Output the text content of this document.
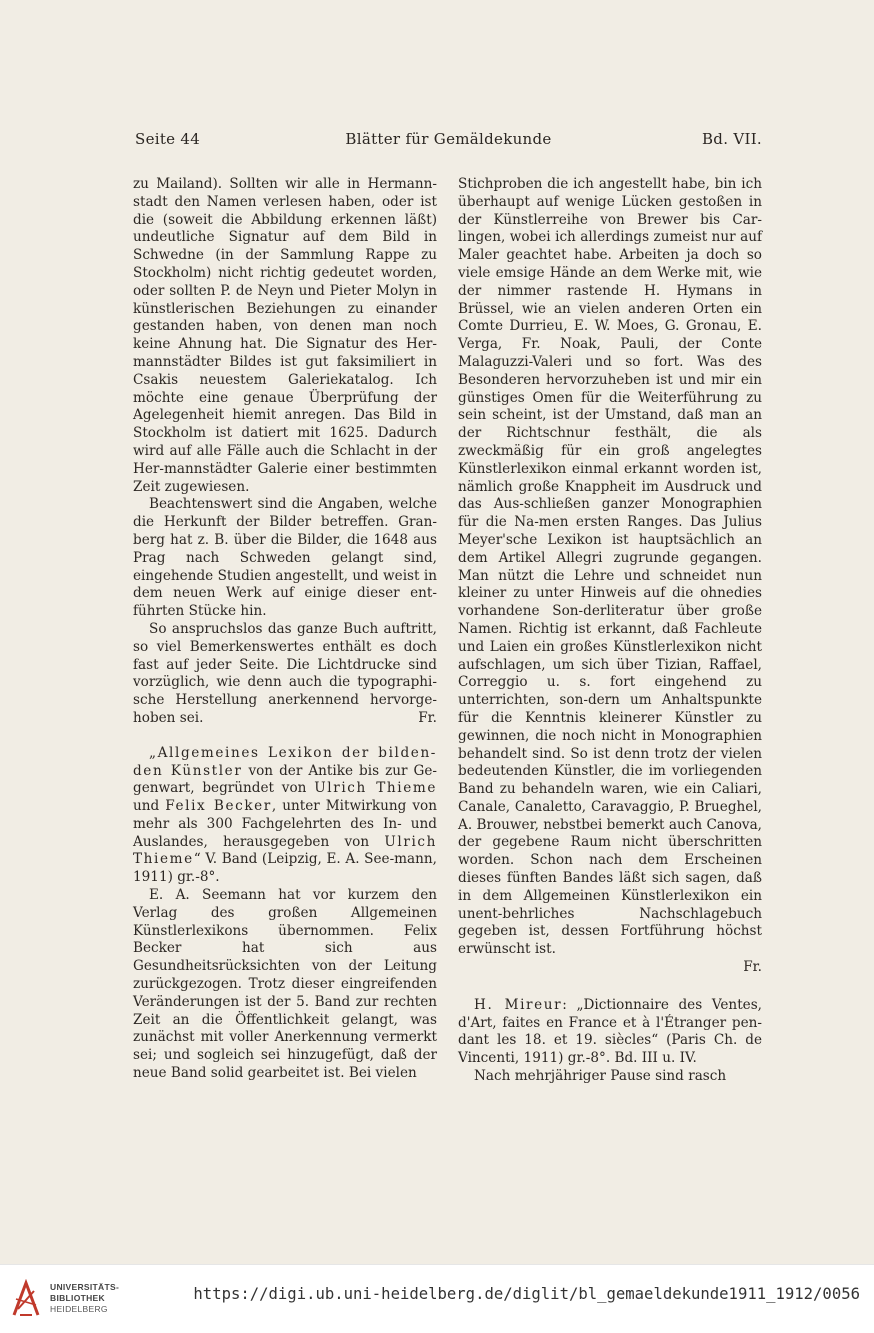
Seite 44	Blätter für Gemäldekunde	Bd. VII.

zu Mailand). Sollten wir alle in Hermann-stadt den Namen verlesen haben, oder ist die (soweit die Abbildung erkennen läßt) undeutliche Signatur auf dem Bild in Schwedne (in der Sammlung Rappe zu Stockholm) nicht richtig gedeutet worden, oder sollten P. de Neyn und Pieter Molyn in künstlerischen Beziehungen zu einander gestanden haben, von denen man noch keine Ahnung hat. Die Signatur des Her-mannstädter Bildes ist gut faksimiliert in Csakis neuestem Galeriekatalog. Ich möchte eine genaue Überprüfung der Agelegenheit hiemit anregen. Das Bild in Stockholm ist datiert mit 1625. Dadurch wird auf alle Fälle auch die Schlacht in der Her-mannstädter Galerie einer bestimmten Zeit zugewiesen.

Beachtenswert sind die Angaben, welche die Herkunft der Bilder betreffen. Gran-berg hat z. B. über die Bilder, die 1648 aus Prag nach Schweden gelangt sind, eingehende Studien angestellt, und weist in dem neuen Werk auf einige dieser ent-führten Stücke hin.

So anspruchslos das ganze Buch auftritt, so viel Bemerkenswertes enthält es doch fast auf jeder Seite. Die Lichtdrucke sind vorzüglich, wie denn auch die typographi-sche Herstellung anerkennend hervorge-hoben sei.	Fr.

„Allgemeines Lexikon der bilden-den Künstler von der Antike bis zur Ge-genwart, begründet von Ulrich Thieme und Felix Becker, unter Mitwirkung von mehr als 300 Fachgelehrten des In- und Auslandes, herausgegeben von Ulrich Thieme“ V. Band (Leipzig, E. A. See-mann, 1911) gr.-8°.

E. A. Seemann hat vor kurzem den Verlag des großen Allgemeinen Künstlerlexikons übernommen. Felix Becker hat sich aus Gesundheitsrücksichten von der Leitung zurückgezogen. Trotz dieser eingreifenden Veränderungen ist der 5. Band zur rechten Zeit an die Öffentlichkeit gelangt, was zunächst mit voller Anerkennung vermerkt sei; und sogleich sei hinzugefügt, daß der neue Band solid gearbeitet ist. Bei vielen

Stichproben die ich angestellt habe, bin ich überhaupt auf wenige Lücken gestoßen in der Künstlerreihe von Brewer bis Car-lingen, wobei ich allerdings zumeist nur auf Maler geachtet habe. Arbeiten ja doch so viele emsige Hände an dem Werke mit, wie der nimmer rastende H. Hymans in Brüssel, wie an vielen anderen Orten ein Comte Durrieu, E. W. Moes, G. Gronau, E. Verga, Fr. Noak, Pauli, der Conte Malaguzzi-Valeri und so fort. Was des Besonderen hervorzuheben ist und mir ein günstiges Omen für die Weiterführung zu sein scheint, ist der Umstand, daß man an der Richtschnur festhält, die als zweckmäßig für ein groß angelegtes Künstlerlexikon einmal erkannt worden ist, nämlich große Knappheit im Ausdruck und das Aus-schließen ganzer Monographien für die Na-men ersten Ranges. Das Julius Meyer'sche Lexikon ist hauptsächlich an dem Artikel Allegri zugrunde gegangen. Man nützt die Lehre und schneidet nun kleiner zu unter Hinweis auf die ohnedies vorhandene Son-derliteratur über große Namen. Richtig ist erkannt, daß Fachleute und Laien ein großes Künstlerlexikon nicht aufschlagen, um sich über Tizian, Raffael, Correggio u. s. fort eingehend zu unterrichten, son-dern um Anhaltspunkte für die Kenntnis kleinerer Künstler zu gewinnen, die noch nicht in Monographien behandelt sind. So ist denn trotz der vielen bedeutenden Künstler, die im vorliegenden Band zu behandeln waren, wie ein Caliari, Canale, Canaletto, Caravaggio, P. Brueghel, A. Brouwer, nebstbei bemerkt auch Canova, der gegebene Raum nicht überschritten worden. Schon nach dem Erscheinen dieses fünften Bandes läßt sich sagen, daß in dem Allgemeinen Künstlerlexikon ein unent-behrliches Nachschlagebuch gegeben ist, dessen Fortführung höchst erwünscht ist.

Fr.

H. Mireur: „Dictionnaire des Ventes, d'Art, faites en France et à l'Étranger pen-dant les 18. et 19. siècles“ (Paris Ch. de Vincenti, 1911) gr.-8°. Bd. III u. IV.

Nach mehrjähriger Pause sind rasch

UNIVERSITÄTS-
BIBLIOTHEK
HEIDELBERG
https://digi.ub.uni-heidelberg.de/diglit/bl_gemaeldekunde1911_1912/0056
